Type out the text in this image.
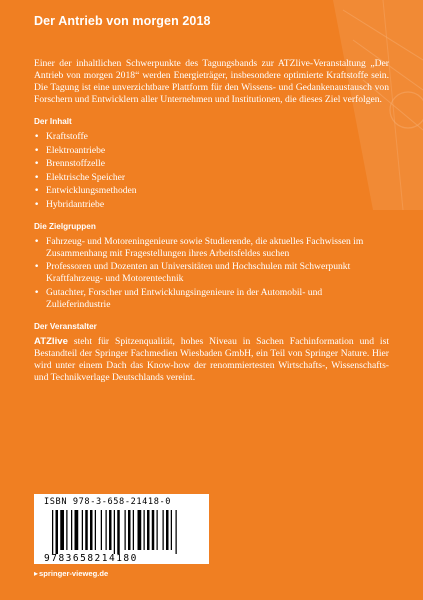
Der Antrieb von morgen 2018

Einer der inhaltlichen Schwerpunkte des Tagungsbands zur ATZlive-Veranstaltung „Der Antrieb von morgen 2018“ werden Energieträger, insbesondere optimierte Kraftstoffe sein. Die Tagung ist eine unverzichtbare Plattform für den Wissens- und Gedankenaustausch von Forschern und Entwicklern aller Unternehmen und Institutionen, die dieses Ziel verfolgen.

Der Inhalt
• Kraftstoffe
• Elektroantriebe
• Brennstoffzelle
• Elektrische Speicher
• Entwicklungsmethoden
• Hybridantriebe
Die Zielgruppen
• Fahrzeug- und Motoreningenieure sowie Studierende, die aktuelles Fachwissen im Zusammenhang mit Fragestellungen ihres Arbeitsfeldes suchen
• Professoren und Dozenten an Universitäten und Hochschulen mit Schwerpunkt Kraftfahrzeug- und Motorentechnik
• Gutachter, Forscher und Entwicklungsingenieure in der Automobil- und Zulieferindustrie
Der Veranstalter

ATZlive steht für Spitzenqualität, hohes Niveau in Sachen Fachinformation und ist Bestandteil der Springer Fachmedien Wiesbaden GmbH, ein Teil von Springer Nature. Hier wird unter einem Dach das Know-how der renommiertesten Wirtschafts-, Wissenschafts- und Technikverlage Deutschlands vereint.

ISBN 978-3-658-21418-0
9783658214180
▸springer-vieweg.de
